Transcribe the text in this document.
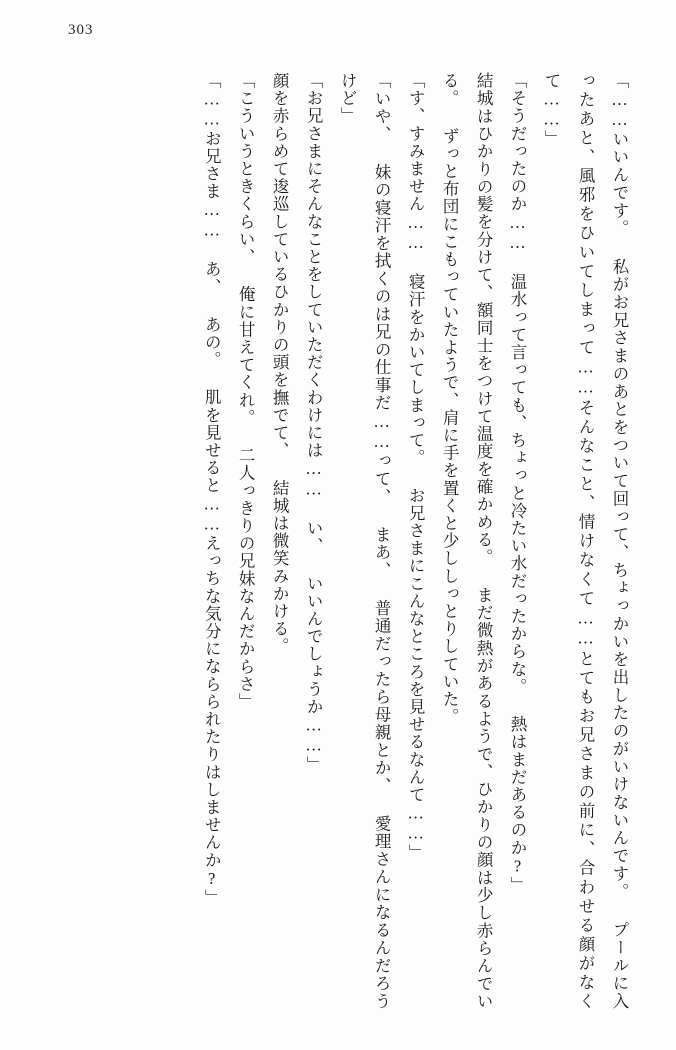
303

「……いいんです。 私がお兄さまのあとをついて回って、ちょっかいを出したのがいけないんです。 プールに入ったあと、風邪をひいてしまって……そんなこと、情けなくて……とてもお兄さまの前に、合わせる顔がなくて……」

「そうだったのか…… 温水って言っても、ちょっと冷たい水だったからな。 熱はまだあるのか?」

結城はひかりの髪を分けて、額同士をつけて温度を確かめる。 まだ微熱があるようで、ひかりの顔は少し赤らんでいる。 ずっと布団にこもっていたようで、肩に手を置くと少ししっとりしていた。

「す、すみません…… 寝汗をかいてしまって。 お兄さまにこんなところを見せるなんて……」

「いや、 妹の寝汗を拭くのは兄の仕事だ……って、 まあ、 普通だったら母親とか、 愛理さんになるんだろうけど」

「お兄さまにそんなことをしていただくわけには…… い、 いいんでしょうか……」

顔を赤らめて逡巡しているひかりの頭を撫でて、 結城は微笑みかける。

「こういうときくらい、 俺に甘えてくれ。 二人っきりの兄妹なんだからさ」

「……お兄さま…… あ、 あの。 肌を見せると……えっちな気分にならられたりはしませんか?」
